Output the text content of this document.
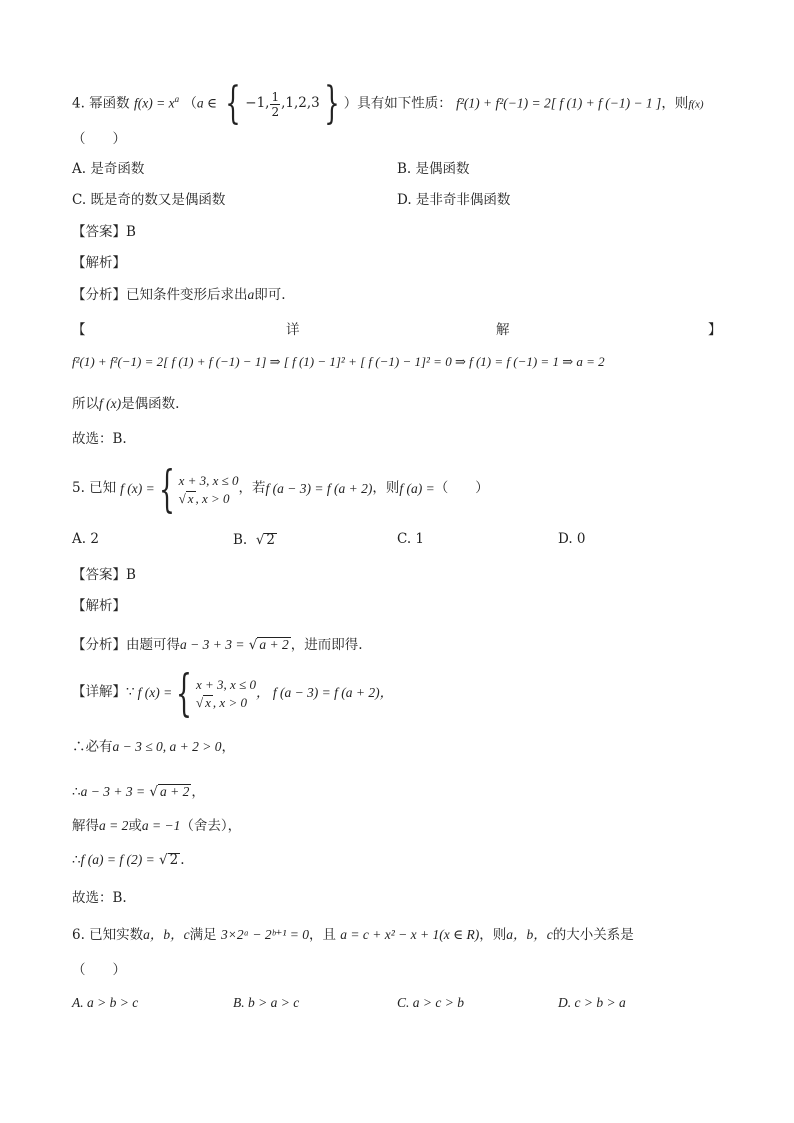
4. 幂函数 $f(x) = x^a$ （a ∈ { −1, $\frac{1}{2} ,1,2,3$ } ）具有如下性质： f²(1) + f²(−1) = 2[ f (1) + f (−1) − 1 ]，则f(x)
（　　）
A. 是奇函数	B. 是偶函数
C. 既是奇的数又是偶函数	D. 是非奇非偶函数
【答案】B
【解析】
【分析】已知条件变形后求出a即可.
【	详	解	】
f²(1) + f²(−1) = 2[ f (1) + f (−1) − 1] ⇒ [ f (1) − 1]² + [ f (−1) − 1]² = 0 ⇒ f (1) = f (−1) = 1 ⇒ a = 2
所以f (x)是偶函数.
故选：B.
5. 已知 f (x) = { x + 3, x ≤ 0
√ x , x > 0
，若 f (a − 3) = f (a + 2) ，则 f (a) = （　　）
A. 2	B. √ 2	C. 1	D. 0
【答案】B
【解析】
【分析】由题可得a − 3 + 3 = √ a + 2 ，进而即得.
【详解】 ∵ f (x) = { x + 3, x ≤ 0
√ x , x > 0
， f (a − 3) = f (a + 2)，
∴必有a − 3 ≤ 0, a + 2 > 0，
∴a − 3 + 3 = √ a + 2 ，
解得a = 2或a = −1（舍去），
∴f (a) = f (2) = √ 2 .
故选：B.
6. 已知实数a，b，c满足 3×2ᵃ − 2ᵇ⁺¹ = 0，且 a = c + x² − x + 1(x ∈ R)，则a，b，c的大小关系是
（　　）
A. a > b > c	B. b > a > c	C. a > c > b	D. c > b > a
